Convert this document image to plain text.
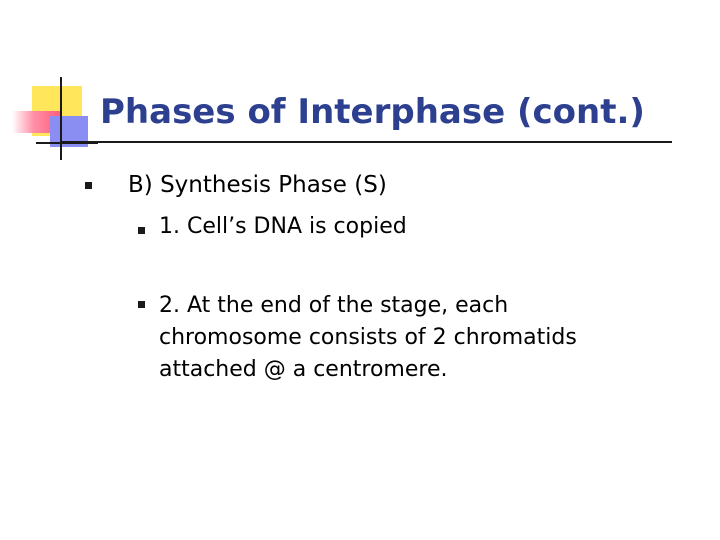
Phases of Interphase (cont.)

B) Synthesis Phase (S)

1. Cell’s DNA is copied

2. At the end of the stage, each chromosome consists of 2 chromatids attached @ a centromere.
